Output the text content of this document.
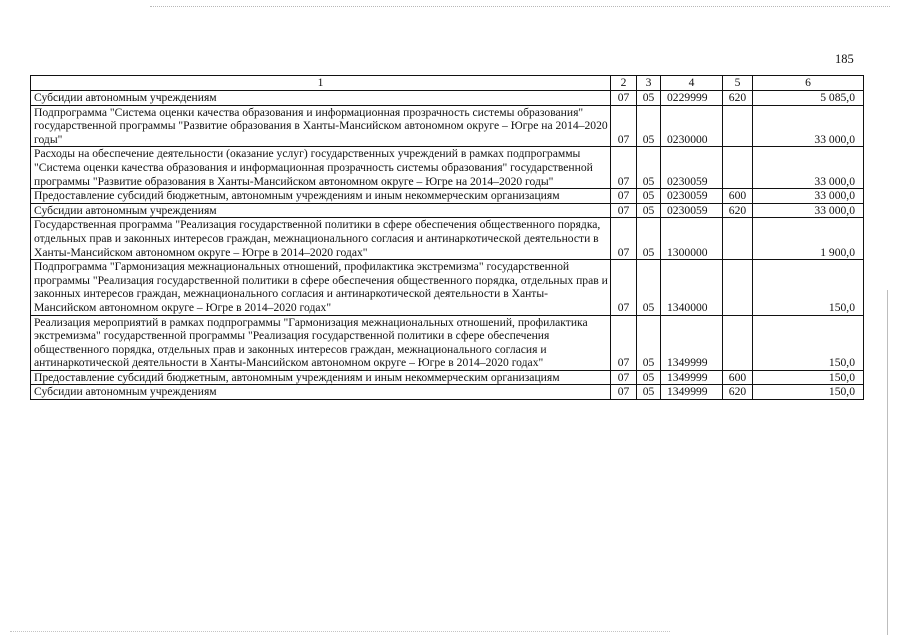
185
1	2	3	4	5	6
Субсидии автономным учреждениям	07	05	0229999	620	5 085,0
Подпрограмма "Система оценки качества образования и информационная прозрачность системы образования" государственной программы "Развитие образования в Ханты-Мансийском автономном округе – Югре на 2014–2020 годы"	07	05	0230000		33 000,0
Расходы на обеспечение деятельности (оказание услуг) государственных учреждений в рамках подпрограммы "Система оценки качества образования и информационная прозрачность системы образования" государственной программы "Развитие образования в Ханты-Мансийском автономном округе – Югре на 2014–2020 годы"	07	05	0230059		33 000,0
Предоставление субсидий бюджетным, автономным учреждениям и иным некоммерческим организациям	07	05	0230059	600	33 000,0
Субсидии автономным учреждениям	07	05	0230059	620	33 000,0
Государственная программа "Реализация государственной политики в сфере обеспечения общественного порядка, отдельных прав и законных интересов граждан, межнационального согласия и антинаркотической деятельности в Ханты-Мансийском автономном округе – Югре в 2014–2020 годах"	07	05	1300000		1 900,0
Подпрограмма "Гармонизация межнациональных отношений, профилактика экстремизма" государственной программы "Реализация государственной политики в сфере обеспечения общественного порядка, отдельных прав и законных интересов граждан, межнационального согласия и антинаркотической деятельности в Ханты-Мансийском автономном округе – Югре в 2014–2020 годах"	07	05	1340000		150,0
Реализация мероприятий в рамках подпрограммы "Гармонизация межнациональных отношений, профилактика экстремизма" государственной программы "Реализация государственной политики в сфере обеспечения общественного порядка, отдельных прав и законных интересов граждан, межнационального согласия и антинаркотической деятельности в Ханты-Мансийском автономном округе – Югре в 2014–2020 годах"	07	05	1349999		150,0
Предоставление субсидий бюджетным, автономным учреждениям и иным некоммерческим организациям	07	05	1349999	600	150,0
Субсидии автономным учреждениям	07	05	1349999	620	150,0
